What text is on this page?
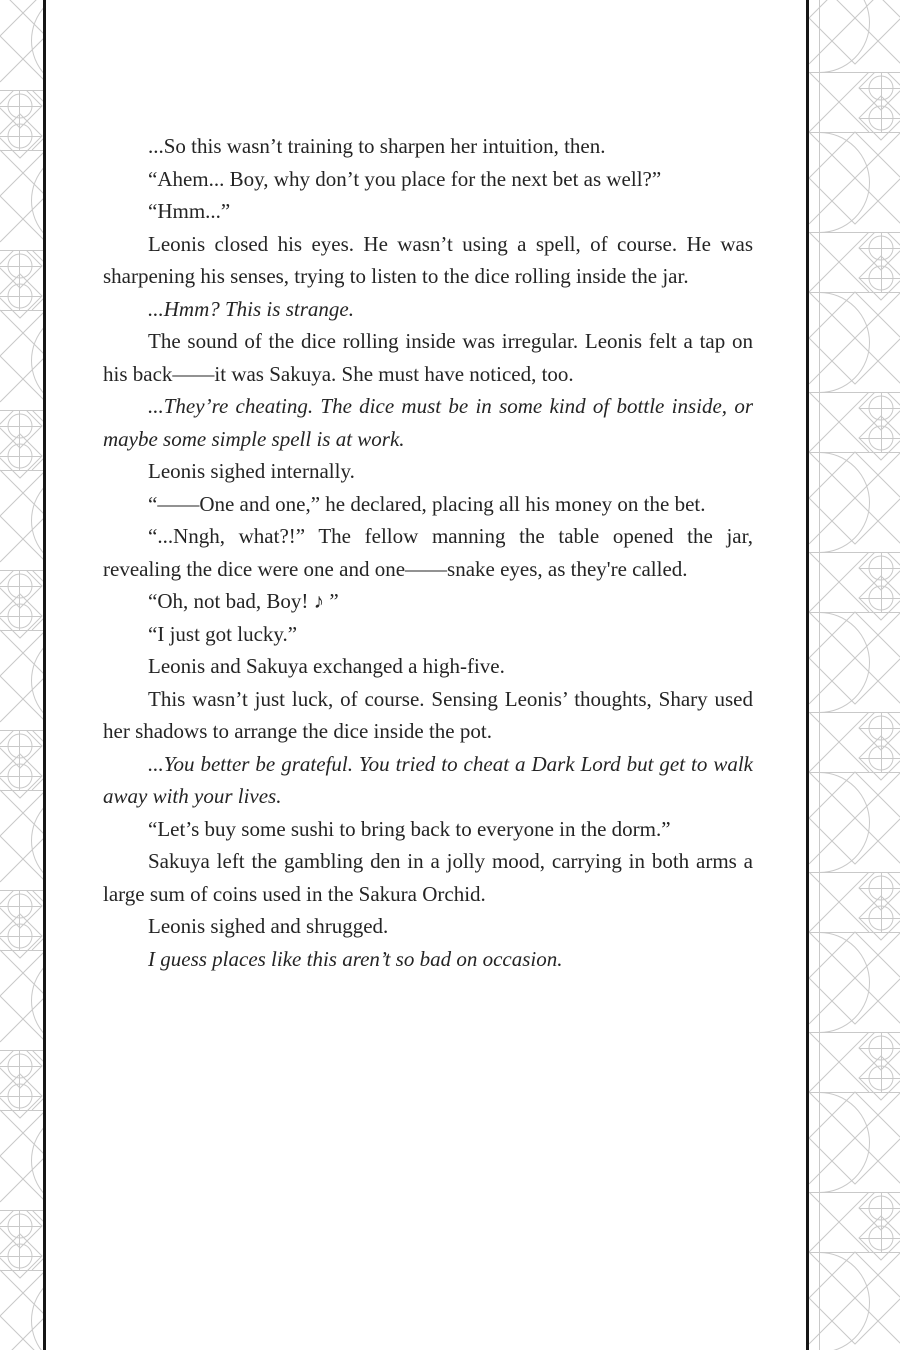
...So this wasn’t training to sharpen her intuition, then.

“Ahem... Boy, why don’t you place for the next bet as well?”

“Hmm...”

Leonis closed his eyes. He wasn’t using a spell, of course. He was sharpening his senses, trying to listen to the dice rolling inside the jar.

...Hmm? This is strange.

The sound of the dice rolling inside was irregular. Leonis felt a tap on his back——it was Sakuya. She must have noticed, too.

...They’re cheating. The dice must be in some kind of bottle inside, or maybe some simple spell is at work.

Leonis sighed internally.

“——One and one,” he declared, placing all his money on the bet.

“...Nngh, what?!” The fellow manning the table opened the jar, revealing the dice were one and one——snake eyes, as they're called.

“Oh, not bad, Boy! ♪ ”

“I just got lucky.”

Leonis and Sakuya exchanged a high-five.

This wasn’t just luck, of course. Sensing Leonis’ thoughts, Shary used her shadows to arrange the dice inside the pot.

...You better be grateful. You tried to cheat a Dark Lord but get to walk away with your lives.

“Let’s buy some sushi to bring back to everyone in the dorm.”

Sakuya left the gambling den in a jolly mood, carrying in both arms a large sum of coins used in the Sakura Orchid.

Leonis sighed and shrugged.

I guess places like this aren’t so bad on occasion.
